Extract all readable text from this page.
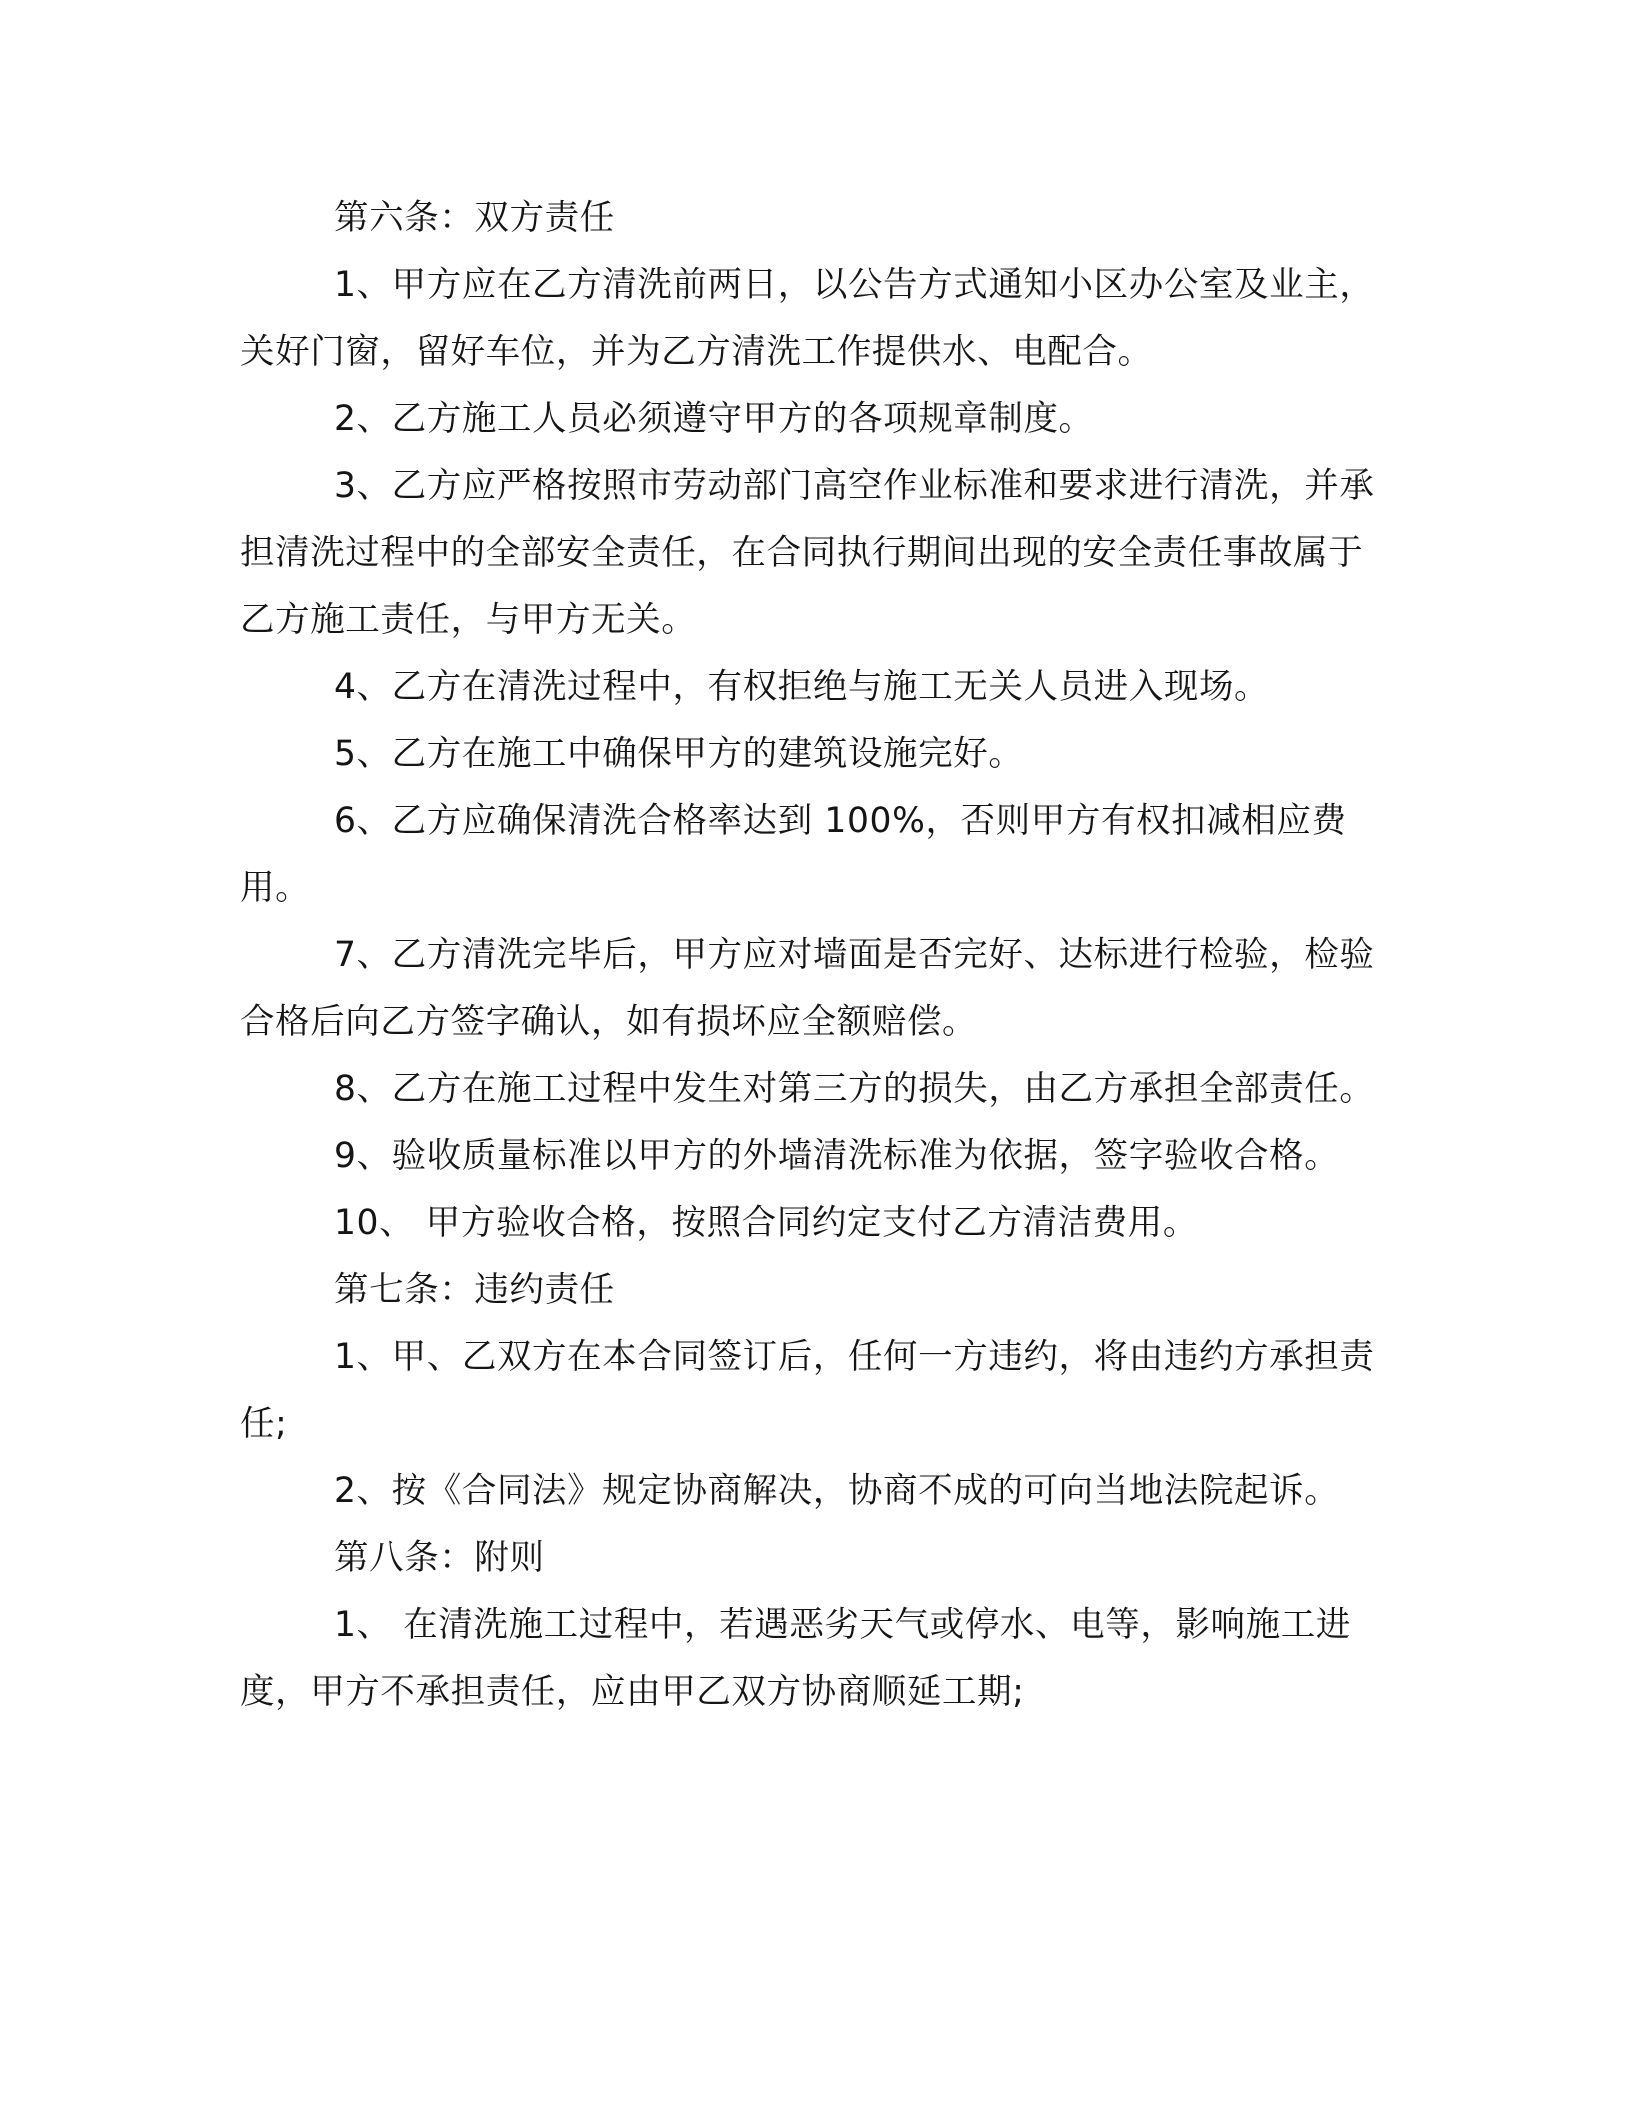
第六条：双方责任

1、甲方应在乙方清洗前两日，以公告方式通知小区办公室及业主，关好门窗，留好车位，并为乙方清洗工作提供水、电配合。

2、乙方施工人员必须遵守甲方的各项规章制度。

3、乙方应严格按照市劳动部门高空作业标准和要求进行清洗，并承担清洗过程中的全部安全责任，在合同执行期间出现的安全责任事故属于乙方施工责任，与甲方无关。

4、乙方在清洗过程中，有权拒绝与施工无关人员进入现场。

5、乙方在施工中确保甲方的建筑设施完好。

6、乙方应确保清洗合格率达到 100%，否则甲方有权扣减相应费用。

7、乙方清洗完毕后，甲方应对墙面是否完好、达标进行检验，检验合格后向乙方签字确认，如有损坏应全额赔偿。

8、乙方在施工过程中发生对第三方的损失，由乙方承担全部责任。

9、验收质量标准以甲方的外墙清洗标准为依据，签字验收合格。

10、 甲方验收合格，按照合同约定支付乙方清洁费用。

第七条：违约责任

1、甲、乙双方在本合同签订后，任何一方违约，将由违约方承担责任;

2、按《合同法》规定协商解决，协商不成的可向当地法院起诉。

第八条：附则

1、 在清洗施工过程中，若遇恶劣天气或停水、电等，影响施工进度，甲方不承担责任，应由甲乙双方协商顺延工期;
